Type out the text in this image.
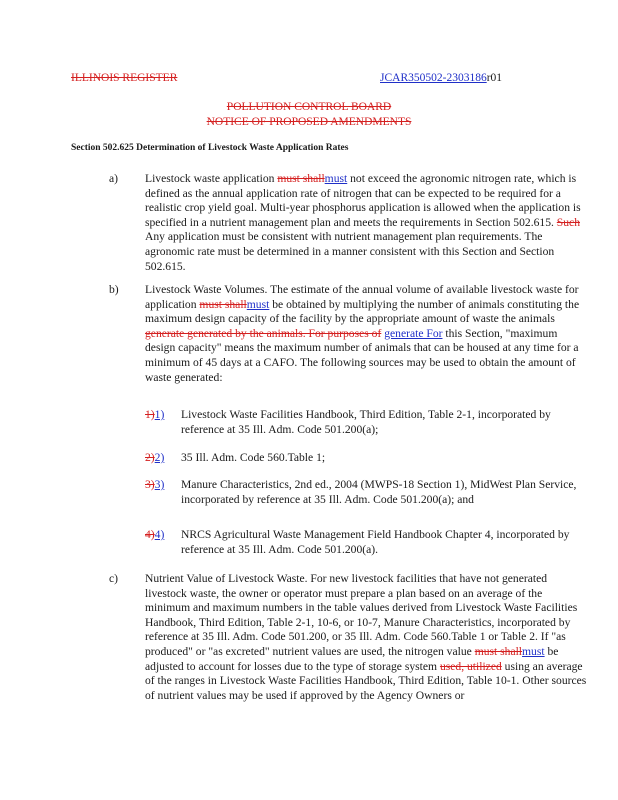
ILLINOIS REGISTER	JCAR350502-2303186r01
POLLUTION CONTROL BOARD
NOTICE OF PROPOSED AMENDMENTS
Section 502.625 Determination of Livestock Waste Application Rates
a) Livestock waste application must shallmust not exceed the agronomic nitrogen rate, which is defined as the annual application rate of nitrogen that can be expected to be required for a realistic crop yield goal. Multi-year phosphorus application is allowed when the application is specified in a nutrient management plan and meets the requirements in Section 502.615. Such Any application must be consistent with nutrient management plan requirements. The agronomic rate must be determined in a manner consistent with this Section and Section 502.615.
b) Livestock Waste Volumes. The estimate of the annual volume of available livestock waste for application must shallmust be obtained by multiplying the number of animals constituting the maximum design capacity of the facility by the appropriate amount of waste the animals generate generated by the animals. For purposes of generate For this Section, "maximum design capacity" means the maximum number of animals that can be housed at any time for a minimum of 45 days at a CAFO. The following sources may be used to obtain the amount of waste generated:
1)1) Livestock Waste Facilities Handbook, Third Edition, Table 2-1, incorporated by reference at 35 Ill. Adm. Code 501.200(a);
2)2) 35 Ill. Adm. Code 560.Table 1;
3)3) Manure Characteristics, 2nd ed., 2004 (MWPS-18 Section 1), MidWest Plan Service, incorporated by reference at 35 Ill. Adm. Code 501.200(a); and
4)4) NRCS Agricultural Waste Management Field Handbook Chapter 4, incorporated by reference at 35 Ill. Adm. Code 501.200(a).
c) Nutrient Value of Livestock Waste. For new livestock facilities that have not generated livestock waste, the owner or operator must prepare a plan based on an average of the minimum and maximum numbers in the table values derived from Livestock Waste Facilities Handbook, Third Edition, Table 2-1, 10-6, or 10-7, Manure Characteristics, incorporated by reference at 35 Ill. Adm. Code 501.200, or 35 Ill. Adm. Code 560.Table 1 or Table 2. If "as produced" or "as excreted" nutrient values are used, the nitrogen value must shallmust be adjusted to account for losses due to the type of storage system used, utilized using an average of the ranges in Livestock Waste Facilities Handbook, Third Edition, Table 10-1. Other sources of nutrient values may be used if approved by the Agency Owners or
